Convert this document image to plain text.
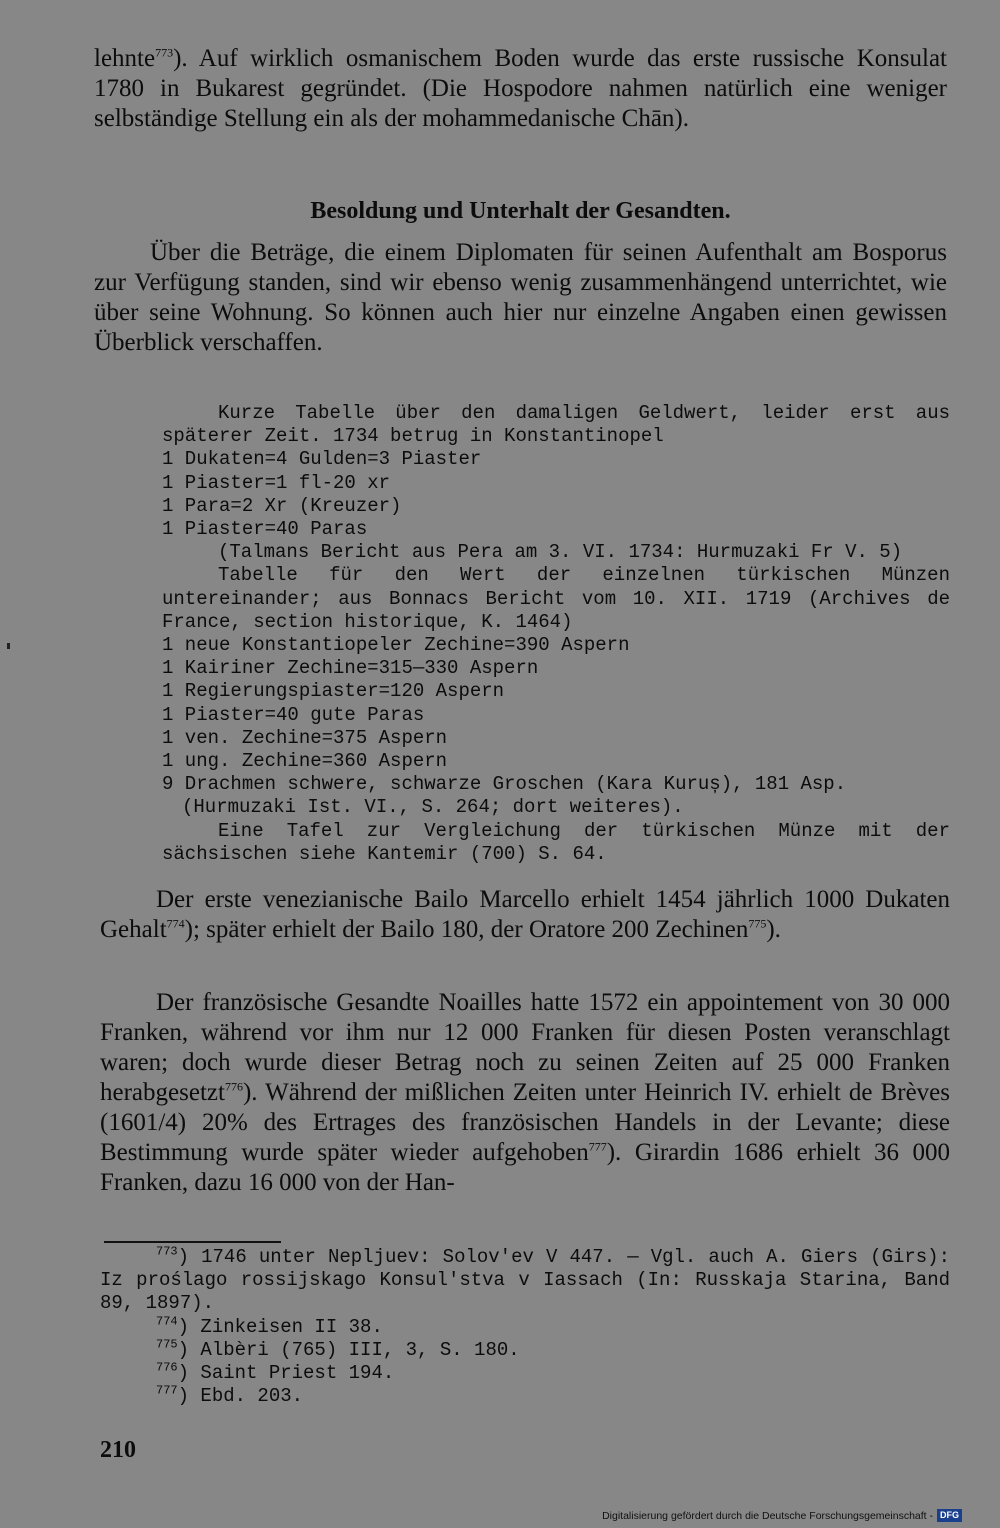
lehnte$^{773}$). Auf wirklich osmanischem Boden wurde das erste russische Konsulat 1780 in Bukarest gegründet. (Die Hospodore nahmen natürlich eine weniger selbständige Stellung ein als der mohammedanische Chān).

Besoldung und Unterhalt der Gesandten.

Über die Beträge, die einem Diplomaten für seinen Aufenthalt am Bosporus zur Verfügung standen, sind wir ebenso wenig zusammenhängend unterrichtet, wie über seine Wohnung. So können auch hier nur einzelne Angaben einen gewissen Überblick verschaffen.

Kurze Tabelle über den damaligen Geldwert, leider erst aus späterer Zeit. 1734 betrug in Konstantinopel
1 Dukaten=4 Gulden=3 Piaster
1 Piaster=1 fl-20 xr
1 Para=2 Xr (Kreuzer)
1 Piaster=40 Paras
(Talmans Bericht aus Pera am 3. VI. 1734: Hurmuzaki Fr V. 5)
Tabelle für den Wert der einzelnen türkischen Münzen untereinander; aus Bonnacs Bericht vom 10. XII. 1719 (Archives de France, section historique, K. 1464)
1 neue Konstantiopeler Zechine=390 Aspern
1 Kairiner Zechine=315—330 Aspern
1 Regierungspiaster=120 Aspern
1 Piaster=40 gute Paras
1 ven. Zechine=375 Aspern
1 ung. Zechine=360 Aspern
9 Drachmen schwere, schwarze Groschen (Kara Kuruș), 181 Asp.
(Hurmuzaki Ist. VI., S. 264; dort weiteres).
Eine Tafel zur Vergleichung der türkischen Münze mit der sächsischen siehe Kantemir (700) S. 64.

Der erste venezianische Bailo Marcello erhielt 1454 jährlich 1000 Dukaten Gehalt$^{774}$); später erhielt der Bailo 180, der Oratore 200 Zechinen$^{775}$).

Der französische Gesandte Noailles hatte 1572 ein appointement von 30 000 Franken, während vor ihm nur 12 000 Franken für diesen Posten veranschlagt waren; doch wurde dieser Betrag noch zu seinen Zeiten auf 25 000 Franken herabgesetzt$^{776}$). Während der mißlichen Zeiten unter Heinrich IV. erhielt de Brèves (1601/4) 20% des Ertrages des französischen Handels in der Levante; diese Bestimmung wurde später wieder aufgehoben$^{777}$). Girardin 1686 erhielt 36 000 Franken, dazu 16 000 von der Han-

$^{773}$) 1746 unter Nepljuev: Solov'ev V 447. — Vgl. auch A. Giers (Girs): Iz proślago rossijskago Konsul'stva v Iassach (In: Russkaja Starina, Band 89, 1897).
$^{774}$) Zinkeisen II 38.
$^{775}$) Albèri (765) III, 3, S. 180.
$^{776}$) Saint Priest 194.
$^{777}$) Ebd. 203.
210
Digitalisierung gefördert durch die Deutsche Forschungsgemeinschaft - DFG
